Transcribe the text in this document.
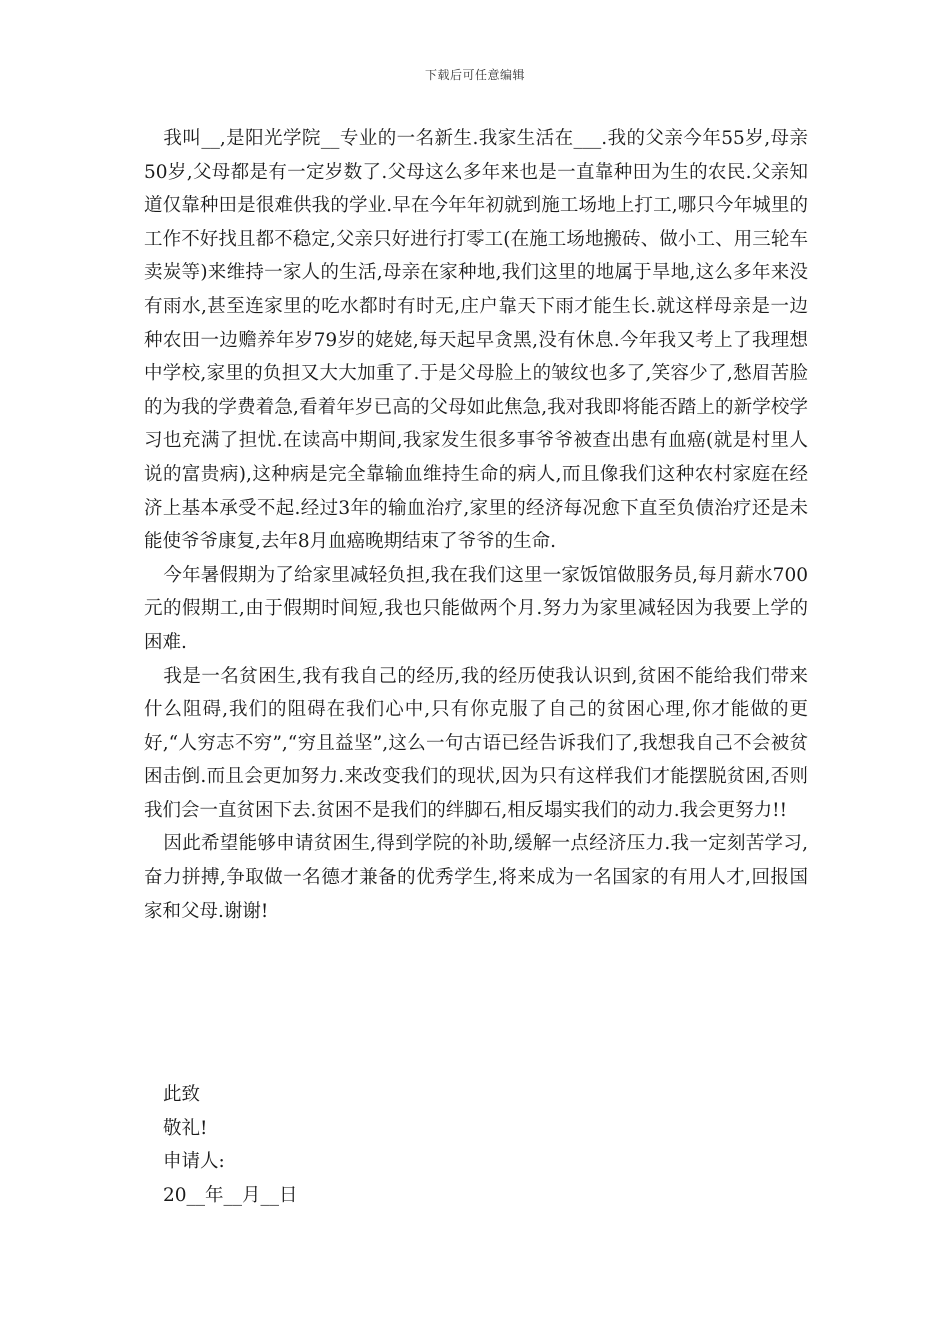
下载后可任意编辑

我叫__,是阳光学院__专业的一名新生.我家生活在___.我的父亲今年55岁,母亲50岁,父母都是有一定岁数了.父母这么多年来也是一直靠种田为生的农民.父亲知道仅靠种田是很难供我的学业.早在今年年初就到施工场地上打工,哪只今年城里的工作不好找且都不稳定,父亲只好进行打零工(在施工场地搬砖、做小工、用三轮车卖炭等)来维持一家人的生活,母亲在家种地,我们这里的地属于旱地,这么多年来没有雨水,甚至连家里的吃水都时有时无,庄户靠天下雨才能生长.就这样母亲是一边种农田一边赡养年岁79岁的姥姥,每天起早贪黑,没有休息.今年我又考上了我理想中学校,家里的负担又大大加重了.于是父母脸上的皱纹也多了,笑容少了,愁眉苦脸的为我的学费着急,看着年岁已高的父母如此焦急,我对我即将能否踏上的新学校学习也充满了担忧.在读高中期间,我家发生很多事爷爷被查出患有血癌(就是村里人说的富贵病),这种病是完全靠输血维持生命的病人,而且像我们这种农村家庭在经济上基本承受不起.经过3年的输血治疗,家里的经济每况愈下直至负债治疗还是未能使爷爷康复,去年8月血癌晚期结束了爷爷的生命.

今年暑假期为了给家里减轻负担,我在我们这里一家饭馆做服务员,每月薪水700元的假期工,由于假期时间短,我也只能做两个月.努力为家里减轻因为我要上学的困难.

我是一名贫困生,我有我自己的经历,我的经历使我认识到,贫困不能给我们带来什么阻碍,我们的阻碍在我们心中,只有你克服了自己的贫困心理,你才能做的更好,“人穷志不穷”,“穷且益坚”,这么一句古语已经告诉我们了,我想我自己不会被贫困击倒.而且会更加努力.来改变我们的现状,因为只有这样我们才能摆脱贫困,否则我们会一直贫困下去.贫困不是我们的绊脚石,相反塌实我们的动力.我会更努力!!

因此希望能够申请贫困生,得到学院的补助,缓解一点经济压力.我一定刻苦学习,奋力拼搏,争取做一名德才兼备的优秀学生,将来成为一名国家的有用人才,回报国家和父母.谢谢!

此致
敬礼!
申请人:
20__年__月__日
